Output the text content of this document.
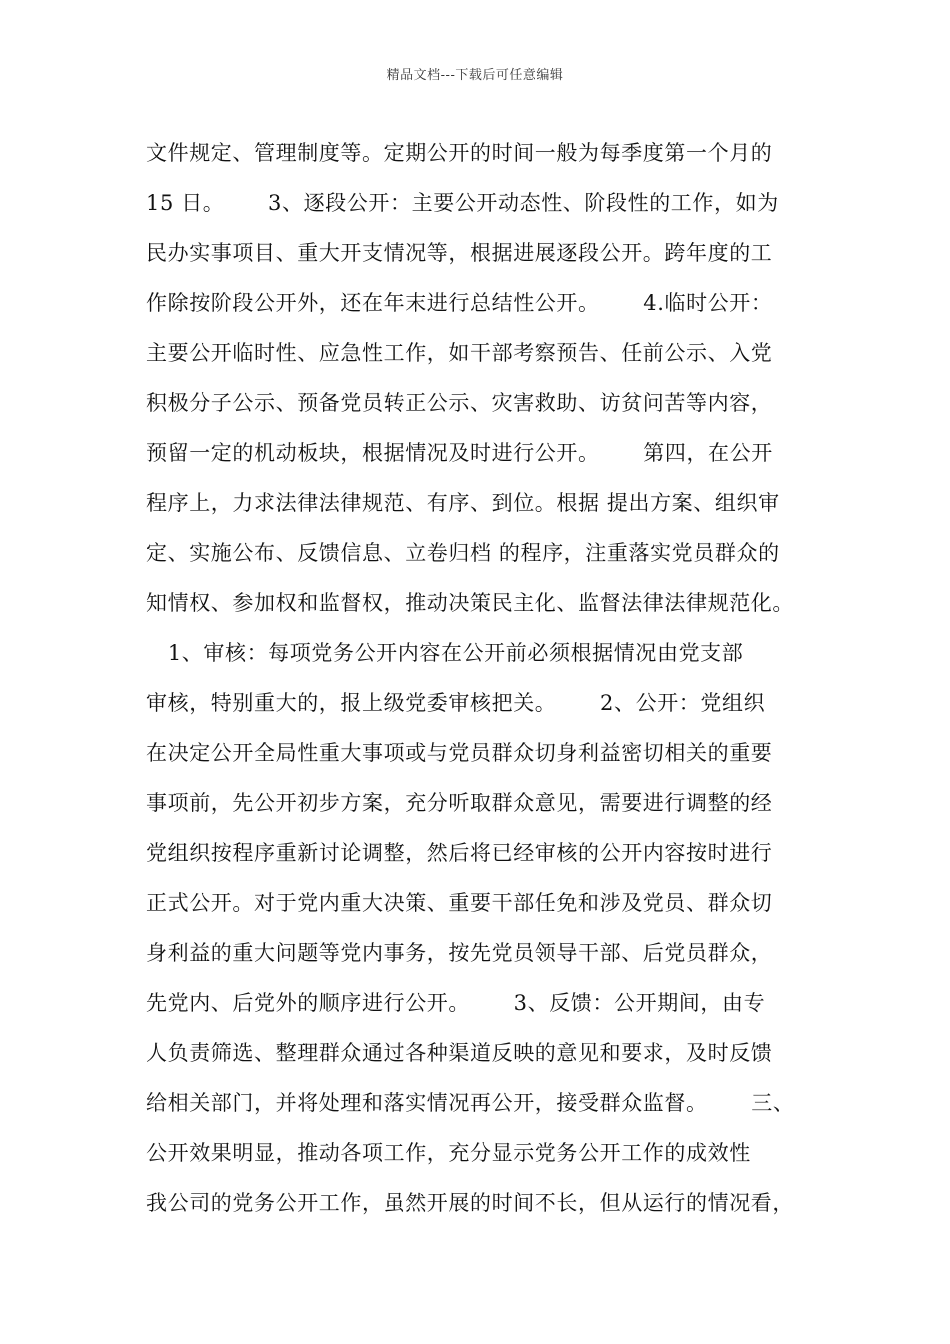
精品文档---下载后可任意编辑
文件规定、管理制度等。定期公开的时间一般为每季度第一个月的
15 日。      3、逐段公开：主要公开动态性、阶段性的工作，如为
民办实事项目、重大开支情况等，根据进展逐段公开。跨年度的工
作除按阶段公开外，还在年末进行总结性公开。      4.临时公开：
主要公开临时性、应急性工作，如干部考察预告、任前公示、入党
积极分子公示、预备党员转正公示、灾害救助、访贫问苦等内容，
预留一定的机动板块，根据情况及时进行公开。      第四，在公开
程序上，力求法律法律规范、有序、到位。根据 提出方案、组织审
定、实施公布、反馈信息、立卷归档 的程序，注重落实党员群众的
知情权、参加权和监督权，推动决策民主化、监督法律法律规范化。
1、审核：每项党务公开内容在公开前必须根据情况由党支部
审核，特别重大的，报上级党委审核把关。      2、公开：党组织
在决定公开全局性重大事项或与党员群众切身利益密切相关的重要
事项前，先公开初步方案，充分听取群众意见，需要进行调整的经
党组织按程序重新讨论调整，然后将已经审核的公开内容按时进行
正式公开。对于党内重大决策、重要干部任免和涉及党员、群众切
身利益的重大问题等党内事务，按先党员领导干部、后党员群众，
先党内、后党外的顺序进行公开。      3、反馈：公开期间，由专
人负责筛选、整理群众通过各种渠道反映的意见和要求，及时反馈
给相关部门，并将处理和落实情况再公开，接受群众监督。      三、
公开效果明显，推动各项工作，充分显示党务公开工作的成效性
我公司的党务公开工作，虽然开展的时间不长，但从运行的情况看，
